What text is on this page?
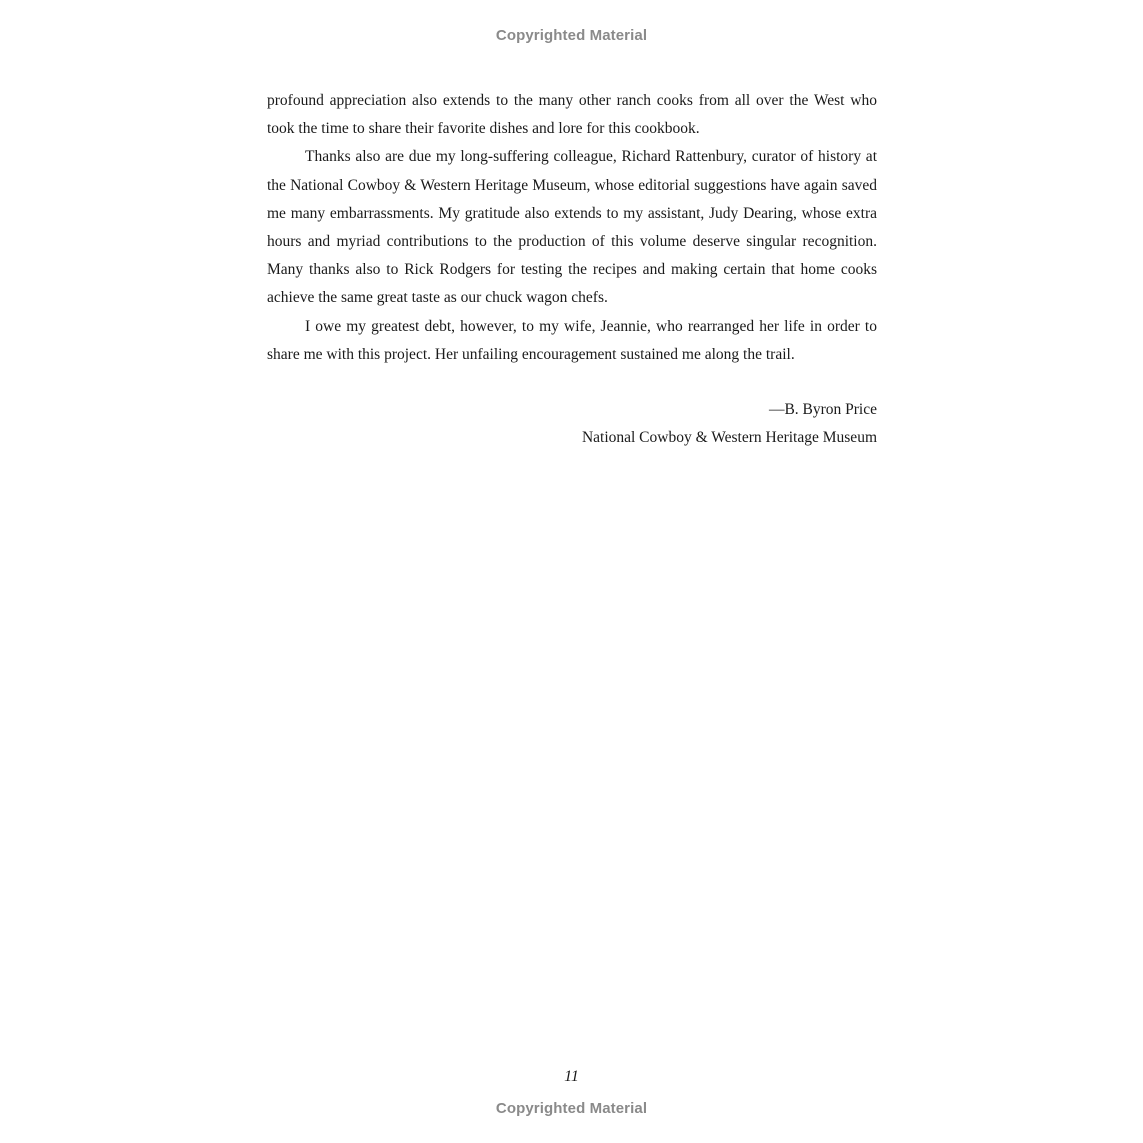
Copyrighted Material

profound appreciation also extends to the many other ranch cooks from all over the West who took the time to share their favorite dishes and lore for this cookbook.

Thanks also are due my long-suffering colleague, Richard Rattenbury, curator of history at the National Cowboy & Western Heritage Museum, whose editorial suggestions have again saved me many embarrassments. My gratitude also extends to my assistant, Judy Dearing, whose extra hours and myriad contributions to the production of this volume deserve singular recognition. Many thanks also to Rick Rodgers for testing the recipes and making certain that home cooks achieve the same great taste as our chuck wagon chefs.

I owe my greatest debt, however, to my wife, Jeannie, who rearranged her life in order to share me with this project. Her unfailing encouragement sustained me along the trail.

—B. Byron Price
National Cowboy & Western Heritage Museum
11
Copyrighted Material
